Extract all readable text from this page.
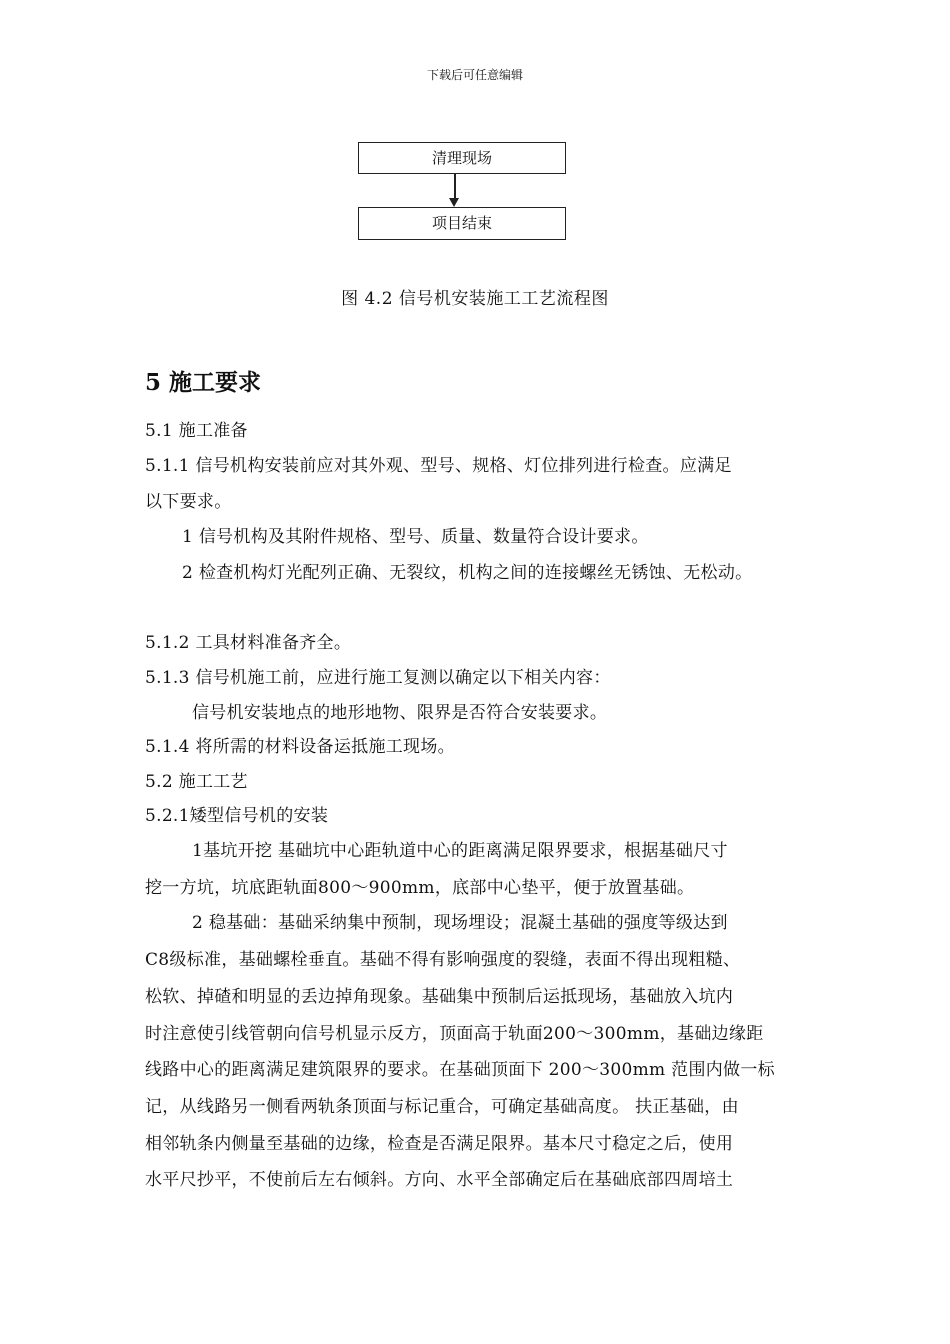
下载后可任意编辑
清理现场
项目结束
图 4.2 信号机安装施工工艺流程图
5 施工要求
5.1 施工准备
5.1.1 信号机构安装前应对其外观、型号、规格、灯位排列进行检查。应满足
以下要求。
1 信号机构及其附件规格、型号、质量、数量符合设计要求。
2 检查机构灯光配列正确、无裂纹，机构之间的连接螺丝无锈蚀、无松动。
5.1.2 工具材料准备齐全。
5.1.3 信号机施工前，应进行施工复测以确定以下相关内容：
信号机安装地点的地形地物、限界是否符合安装要求。
5.1.4 将所需的材料设备运抵施工现场。
5.2 施工工艺
5.2.1矮型信号机的安装
1基坑开挖 基础坑中心距轨道中心的距离满足限界要求，根据基础尺寸
挖一方坑，坑底距轨面800～900mm，底部中心垫平，便于放置基础。
2 稳基础：基础采纳集中预制，现场埋设；混凝土基础的强度等级达到
C8级标准，基础螺栓垂直。基础不得有影响强度的裂缝，表面不得出现粗糙、
松软、掉碴和明显的丢边掉角现象。基础集中预制后运抵现场，基础放入坑内
时注意使引线管朝向信号机显示反方，顶面高于轨面200～300mm，基础边缘距
线路中心的距离满足建筑限界的要求。在基础顶面下 200～300mm 范围内做一标
记，从线路另一侧看两轨条顶面与标记重合，可确定基础高度。 扶正基础，由
相邻轨条内侧量至基础的边缘，检查是否满足限界。基本尺寸稳定之后，使用
水平尺抄平，不使前后左右倾斜。方向、水平全部确定后在基础底部四周培土
